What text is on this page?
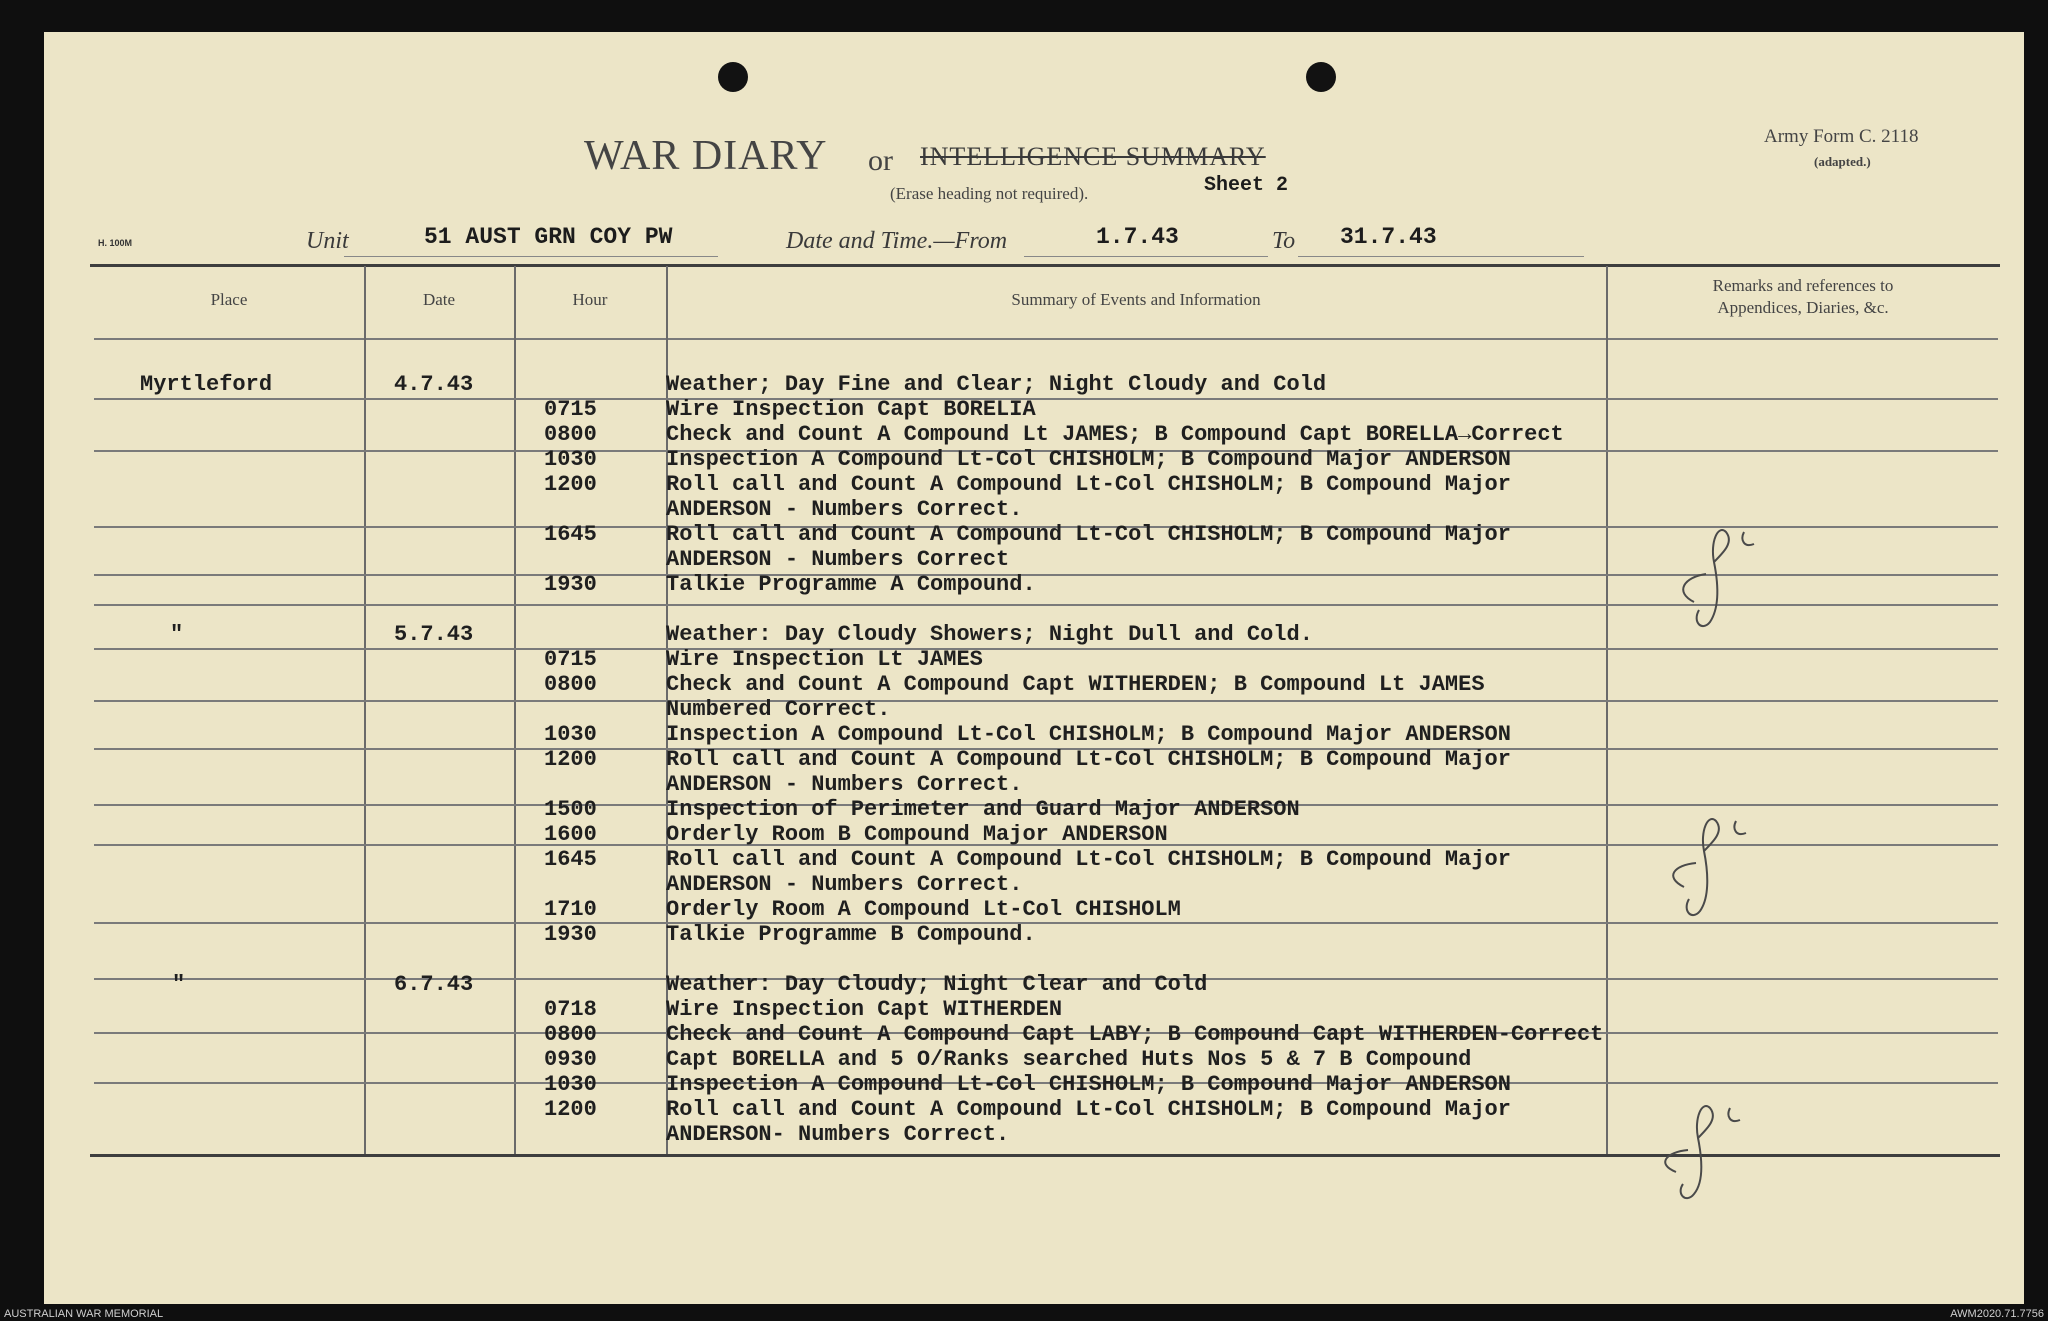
WAR DIARY or INTELLIGENCE SUMMARY
(Erase heading not required).	Sheet 2
Army Form C. 2118
(adapted.)
H. 100M	Unit	51 AUST GRN COY PW	Date and Time.—From	1.7.43	To 31.7.43
Place	Date	Hour	Summary of Events and Information
Remarks and references to
Appendices, Diaries, &c.
Myrtleford	4.7.43	Weather; Day Fine and Clear; Night Cloudy and Cold
0715	Wire Inspection Capt BORELIA
0800	Check and Count A Compound Lt JAMES; B Compound Capt BORELLA→Correct
1030	Inspection A Compound Lt-Col CHISHOLM; B Compound Major ANDERSON
1200	Roll call and Count A Compound Lt-Col CHISHOLM; B Compound Major
ANDERSON - Numbers Correct.
1645	Roll call and Count A Compound Lt-Col CHISHOLM; B Compound Major
ANDERSON - Numbers Correct
1930	Talkie Programme A Compound.
"	5.7.43	Weather: Day Cloudy Showers; Night Dull and Cold.
0715	Wire Inspection Lt JAMES
0800	Check and Count A Compound Capt WITHERDEN; B Compound Lt JAMES
Numbered Correct.
1030	Inspection A Compound Lt-Col CHISHOLM; B Compound Major ANDERSON
1200	Roll call and Count A Compound Lt-Col CHISHOLM; B Compound Major
ANDERSON - Numbers Correct.
1500	Inspection of Perimeter and Guard Major ANDERSON
1600	Orderly Room B Compound Major ANDERSON
1645	Roll call and Count A Compound Lt-Col CHISHOLM; B Compound Major
ANDERSON - Numbers Correct.
1710	Orderly Room A Compound Lt-Col CHISHOLM
1930	Talkie Programme B Compound.
"	6.7.43	Weather: Day Cloudy; Night Clear and Cold
0718	Wire Inspection Capt WITHERDEN
0800	Check and Count A Compound Capt LABY; B Compound Capt WITHERDEN-Correct
0930	Capt BORELLA and 5 O/Ranks searched Huts Nos 5 & 7 B Compound
1030	Inspection A Compound Lt-Col CHISHOLM; B Compound Major ANDERSON
1200	Roll call and Count A Compound Lt-Col CHISHOLM; B Compound Major
ANDERSON- Numbers Correct.
AUSTRALIAN WAR MEMORIAL	AWM2020.71.7756
